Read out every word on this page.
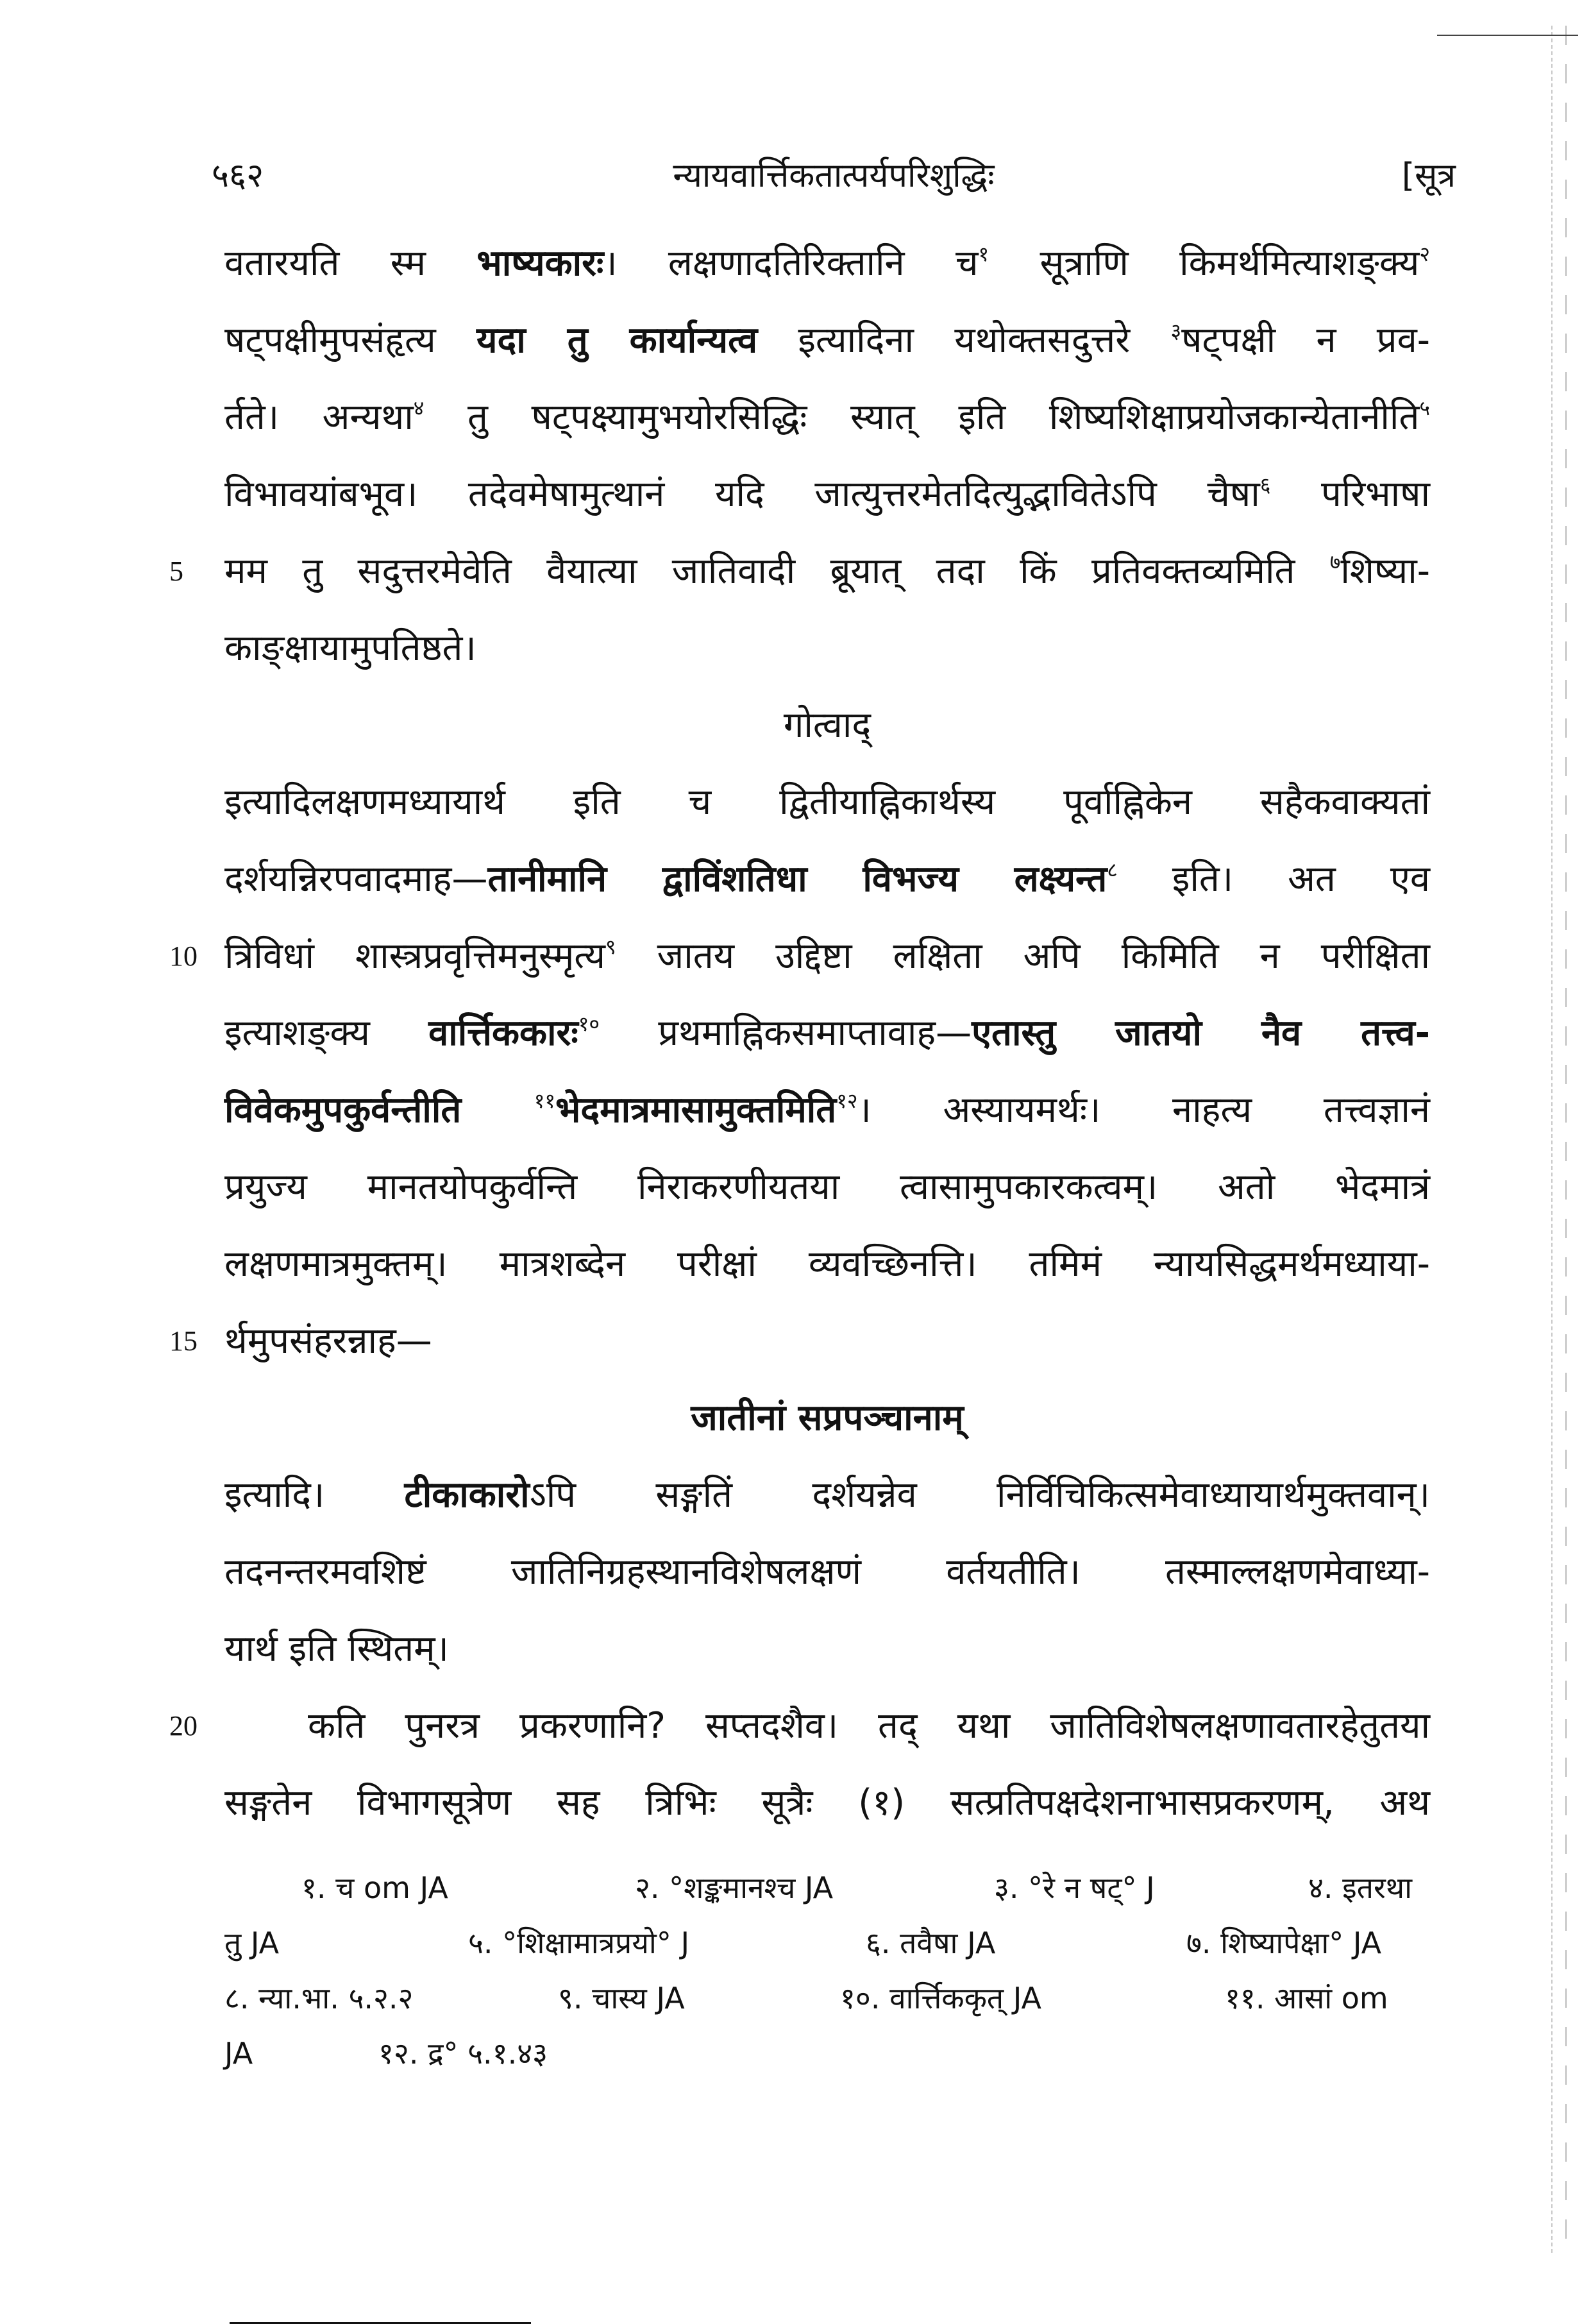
५६२	न्यायवार्त्तिकतात्पर्यपरिशुद्धिः	[सूत्र
वतारयति स्म भाष्यकारः। लक्षणादतिरिक्तानि च$^१$ सूत्राणि किमर्थमित्याशङ्क्य$^२$
षट्पक्षीमुपसंहृत्य यदा तु कार्यान्यत्व इत्यादिना यथोक्तसदुत्तरे $^३$षट्पक्षी न प्रव-
र्तते। अन्यथा$^४$ तु षट्पक्ष्यामुभयोरसिद्धिः स्यात् इति शिष्यशिक्षाप्रयोजकान्येतानीति$^५$
विभावयांबभूव। तदेवमेषामुत्थानं यदि जात्युत्तरमेतदित्युद्भावितेऽपि चैषा$^६$ परिभाषा
5	मम तु सदुत्तरमेवेति वैयात्या जातिवादी ब्रूयात् तदा किं प्रतिवक्तव्यमिति $^७$शिष्या-
काङ्क्षायामुपतिष्ठते।
गोत्वाद्
इत्यादिलक्षणमध्यायार्थ इति च द्वितीयाह्निकार्थस्य पूर्वाह्निकेन सहैकवाक्यतां
दर्शयन्निरपवादमाह—तानीमानि द्वाविंशतिधा विभज्य लक्ष्यन्त$^८$ इति। अत एव
10 त्रिविधां शास्त्रप्रवृत्तिमनुस्मृत्य$^९$ जातय उद्दिष्टा लक्षिता अपि किमिति न परीक्षिता
इत्याशङ्क्य वार्त्तिककारः$^{१०}$ प्रथमाह्निकसमाप्तावाह—एतास्तु जातयो नैव तत्त्व-
विवेकमुपकुर्वन्तीति $^{११}$भेदमात्रमासामुक्तमिति$^{१२}$। अस्यायमर्थः। नाहत्य तत्त्वज्ञानं
प्रयुज्य मानतयोपकुर्वन्ति निराकरणीयतया त्वासामुपकारकत्वम्। अतो भेदमात्रं
लक्षणमात्रमुक्तम्। मात्रशब्देन परीक्षां व्यवच्छिनत्ति। तमिमं न्यायसिद्धमर्थमध्याया-
15 र्थमुपसंहरन्नाह—
जातीनां सप्रपञ्चानाम्
इत्यादि। टीकाकारोऽपि सङ्गतिं दर्शयन्नेव निर्विचिकित्समेवाध्यायार्थमुक्तवान्।
तदनन्तरमवशिष्टं जातिनिग्रहस्थानविशेषलक्षणं वर्तयतीति। तस्माल्लक्षणमेवाध्या-
यार्थ इति स्थितम्।
20	कति पुनरत्र प्रकरणानि? सप्तदशैव। तद् यथा जातिविशेषलक्षणावतारहेतुतया
सङ्गतेन विभागसूत्रेण सह त्रिभिः सूत्रैः (१) सत्प्रतिपक्षदेशनाभासप्रकरणम्, अथ
१. च om JA	२. °शङ्कमानश्च JA	३. °रे न षट्° J	४. इतरथा
तु JA	५. °शिक्षामात्रप्रयो° J	६. तवैषा JA	७. शिष्यापेक्षा° JA
८. न्या.भा. ५.२.२	९. चास्य JA	१०. वार्त्तिककृत् JA	११. आसां om
JA	१२. द्र° ५.१.४३
